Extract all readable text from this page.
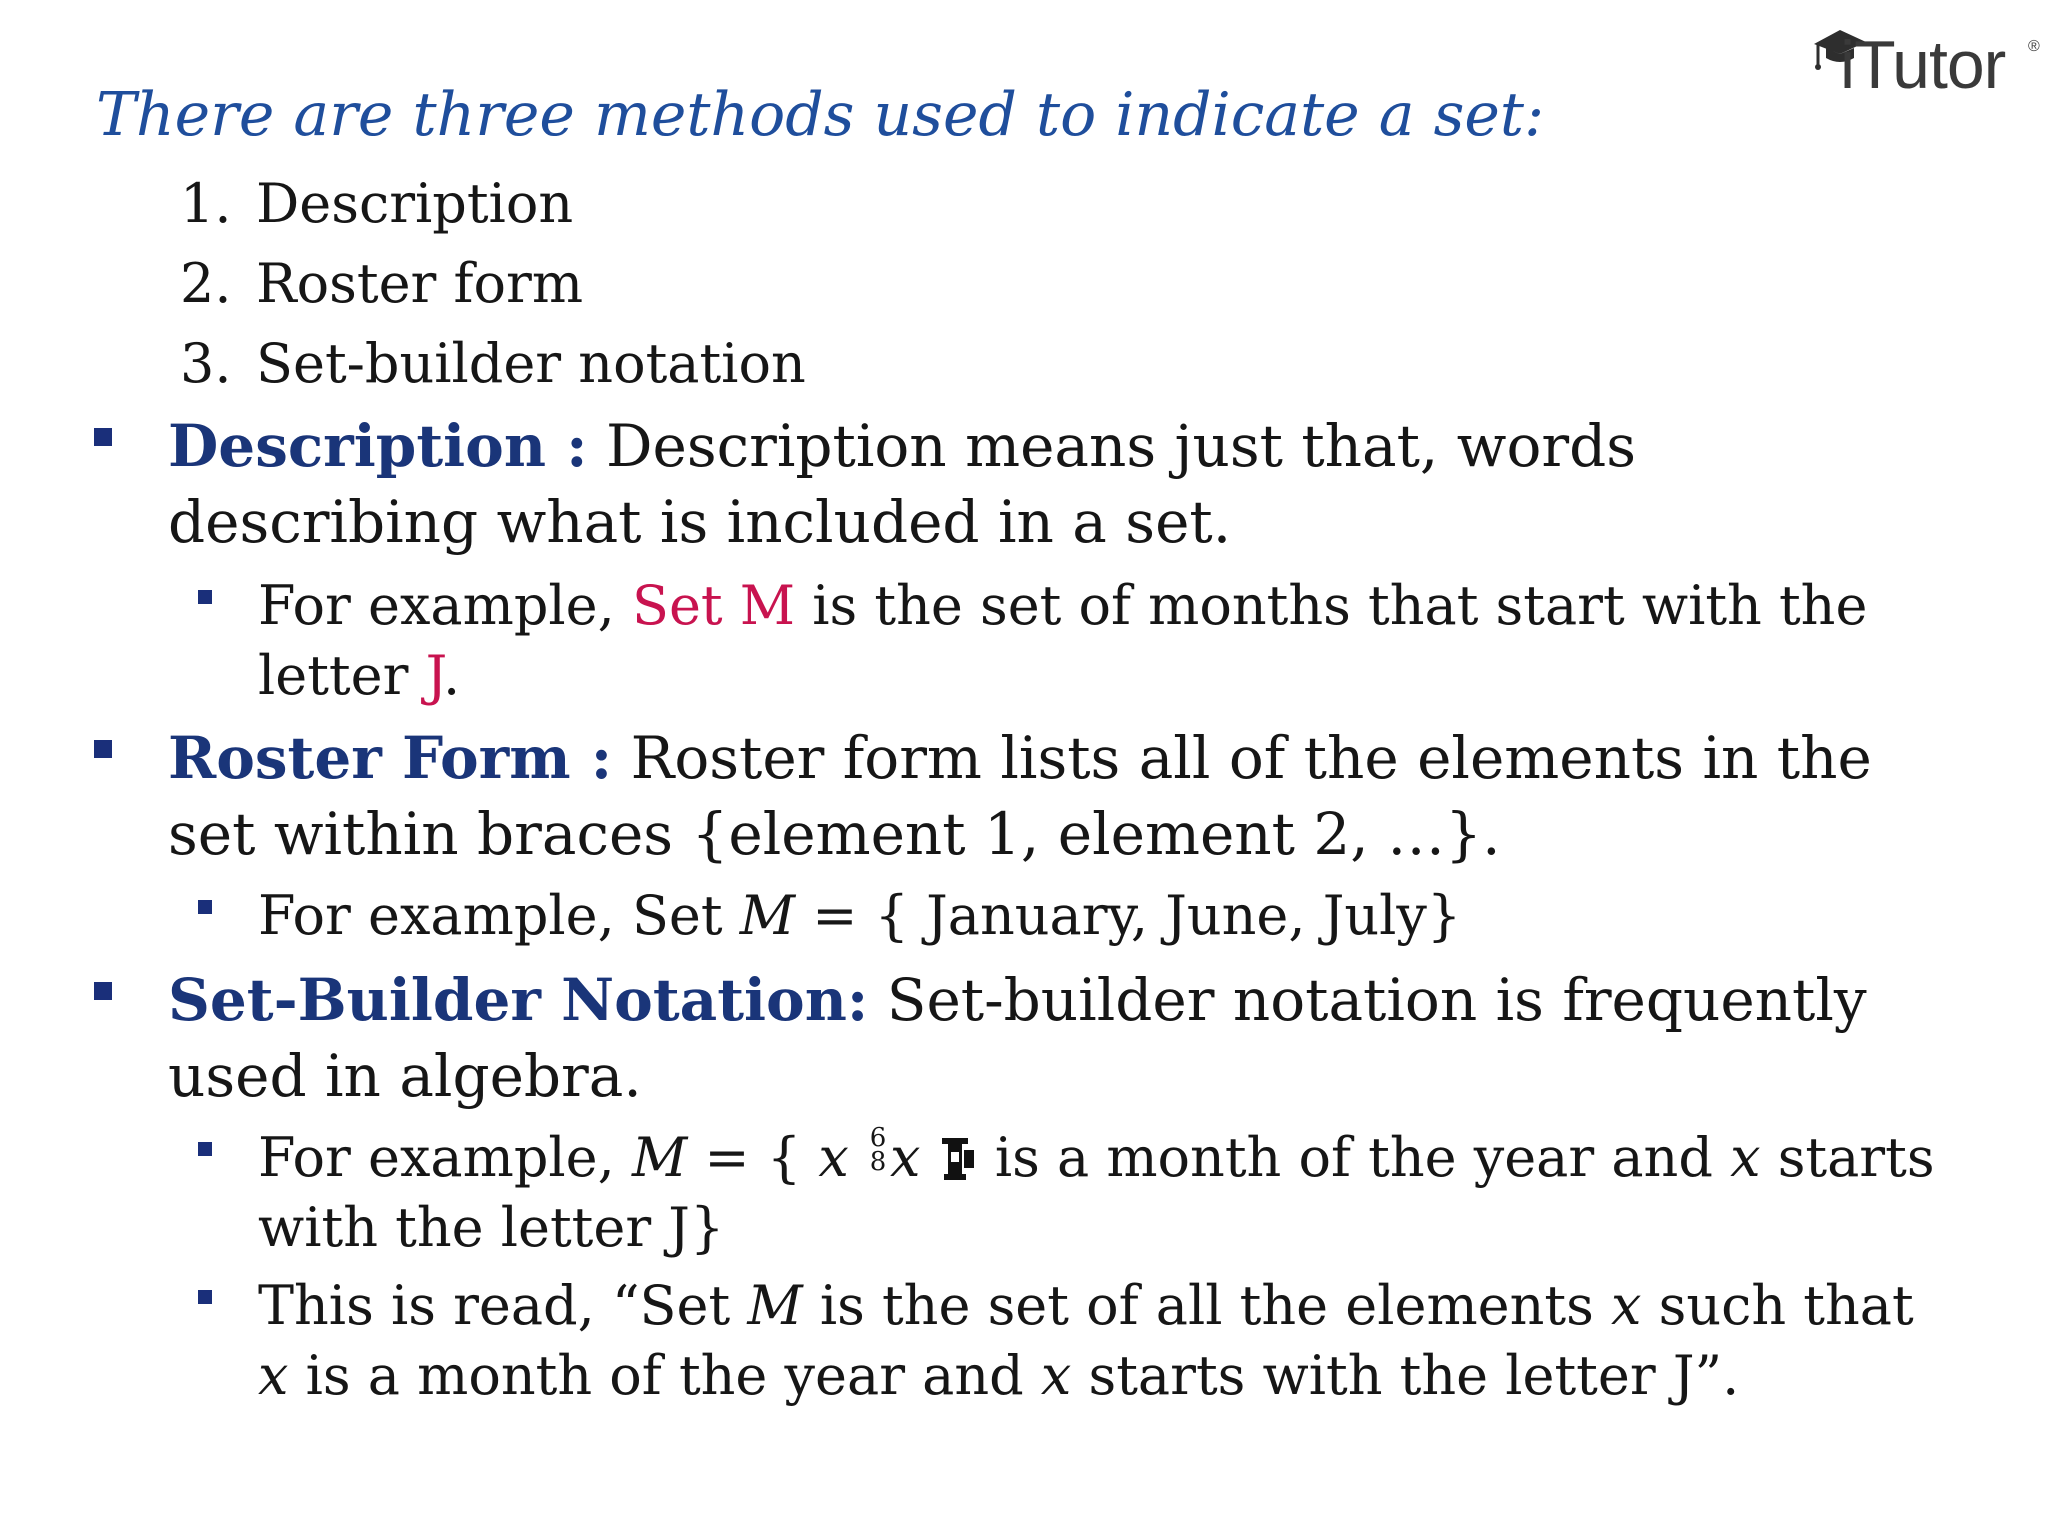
iTutor ®
There are three methods used to indicate a set:
1. Description
2. Roster form
3. Set-builder notation
Description : Description means just that, words
describing what is included in a set.
For example, Set M is the set of months that start with the
letter J.
Roster Form : Roster form lists all of the elements in the
set within braces {element 1, element 2, …}.
For example, Set M = { January, June, July}
Set-Builder Notation: Set-builder notation is frequently
used in algebra.
For example, M = { x 6
8x  is a month of the year and x starts
with the letter J}
This is read, “Set M is the set of all the elements x such that
x is a month of the year and x starts with the letter J”.
